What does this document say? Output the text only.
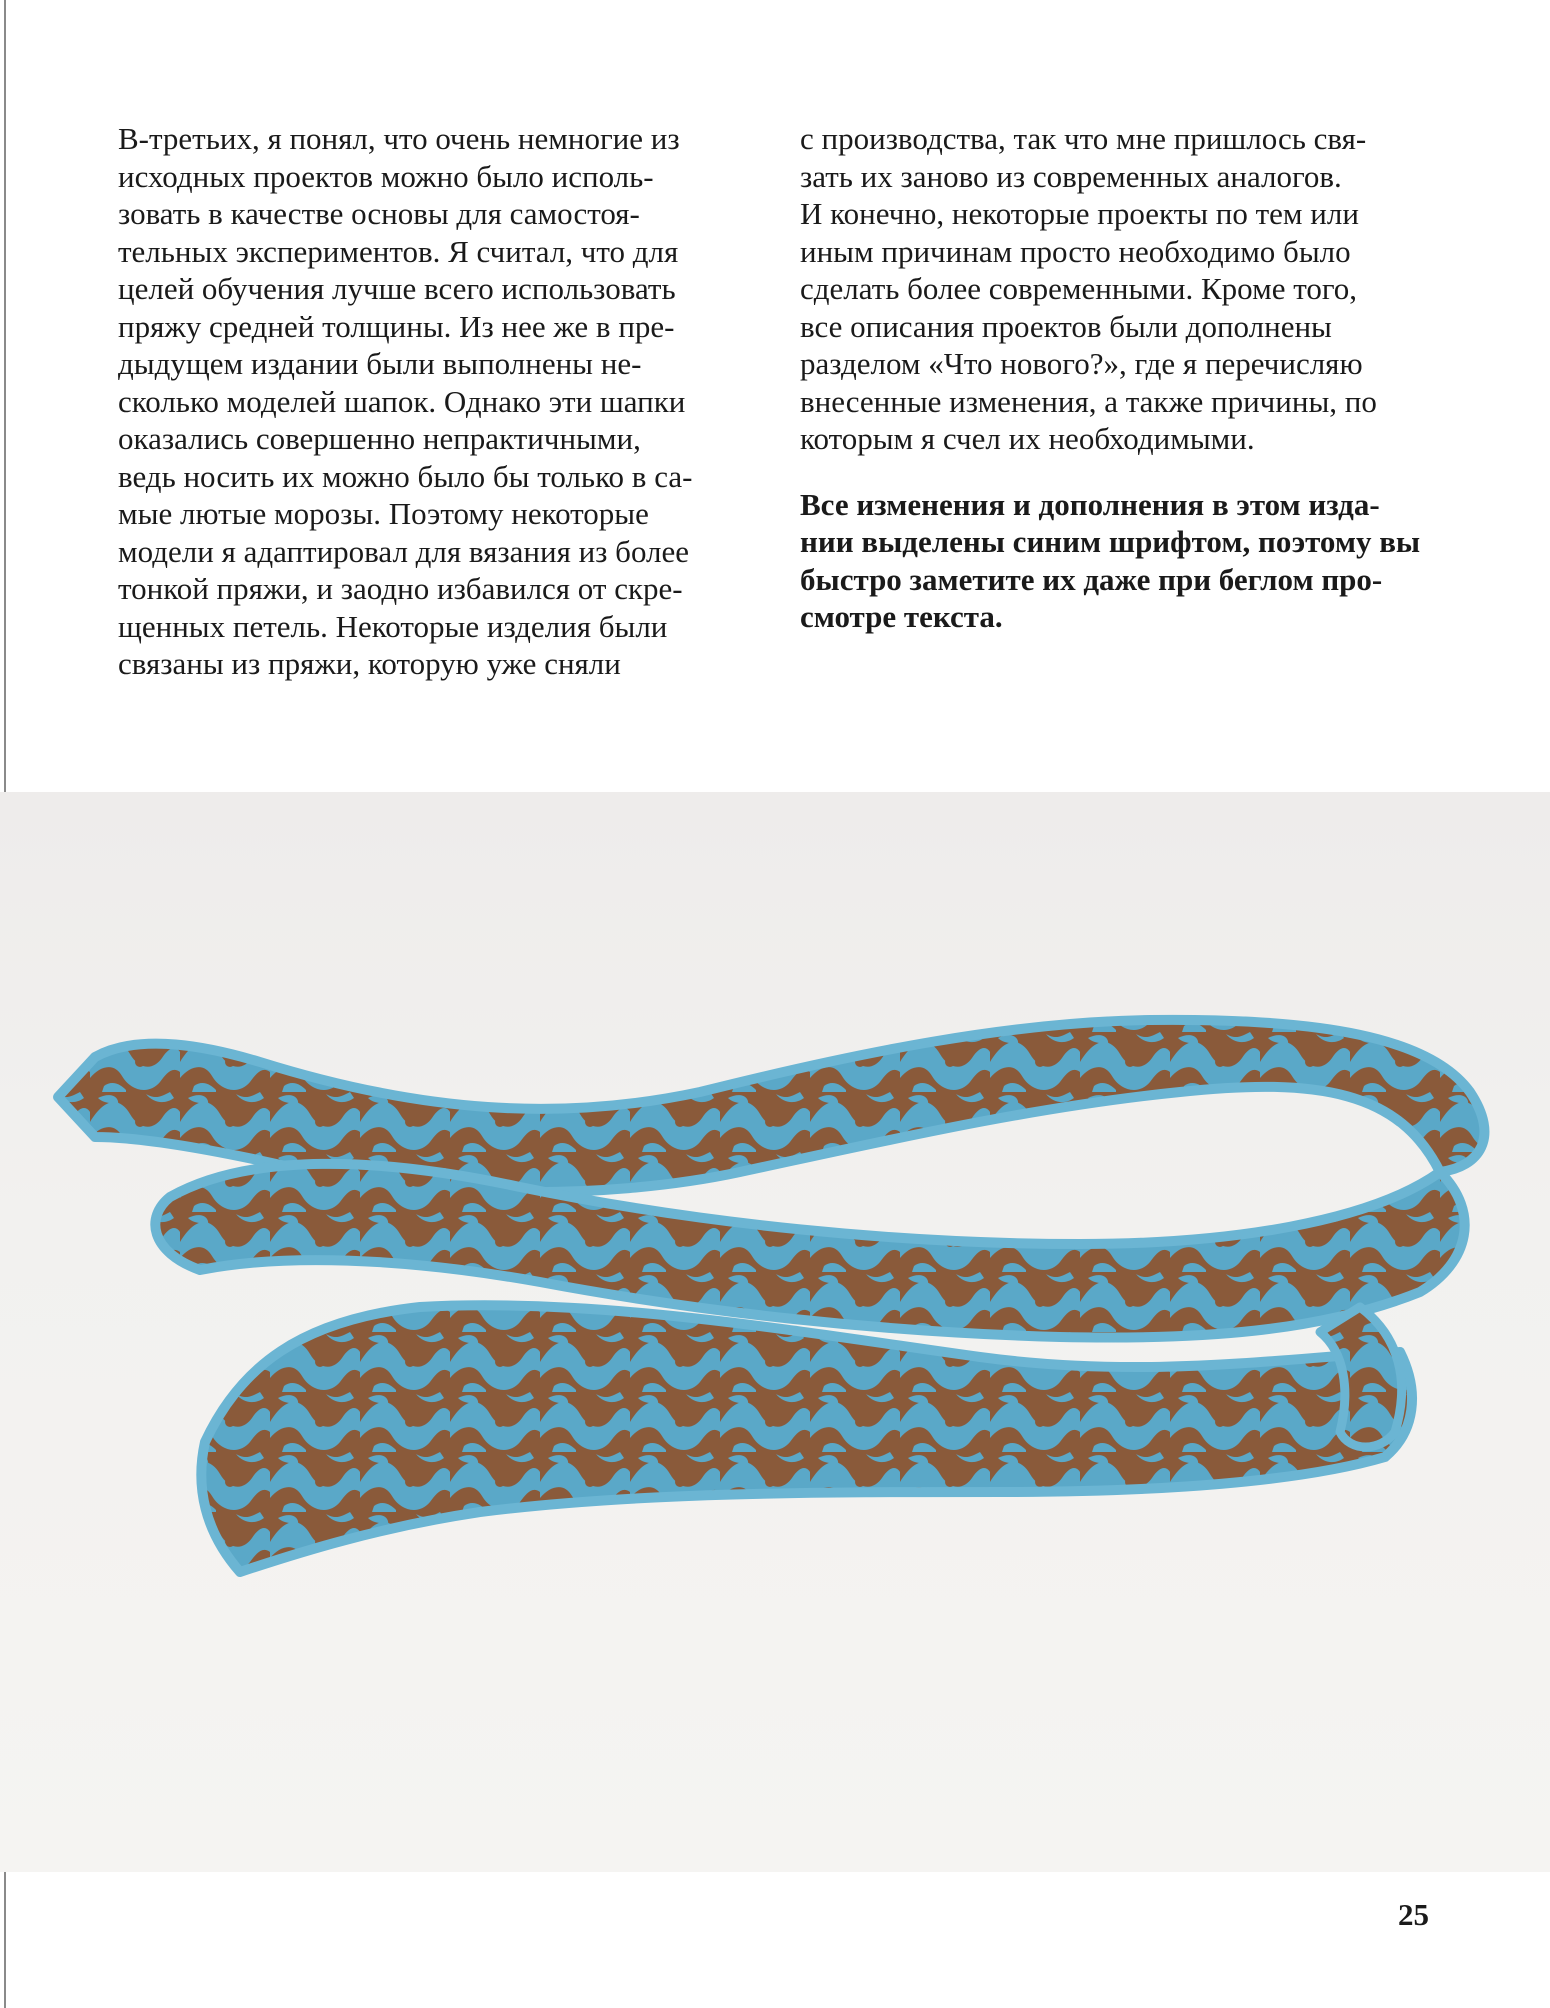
В-третьих, я понял, что очень немногие из
исходных проектов можно было исполь-
зовать в качестве основы для самостоя-
тельных экспериментов. Я считал, что для
целей обучения лучше всего использовать
пряжу средней толщины. Из нее же в пре-
дыдущем издании были выполнены не-
сколько моделей шапок. Однако эти шапки
оказались совершенно непрактичными,
ведь носить их можно было бы только в са-
мые лютые морозы. Поэтому некоторые
модели я адаптировал для вязания из более
тонкой пряжи, и заодно избавился от скре-
щенных петель. Некоторые изделия были
связаны из пряжи, которую уже сняли
с производства, так что мне пришлось свя-
зать их заново из современных аналогов.
И конечно, некоторые проекты по тем или
иным причинам просто необходимо было
сделать более современными. Кроме того,
все описания проектов были дополнены
разделом «Что нового?», где я перечисляю
внесенные изменения, а также причины, по
которым я счел их необходимыми.
Все изменения и дополнения в этом изда-
нии выделены синим шрифтом, поэтому вы
быстро заметите их даже при беглом про-
смотре текста.
25
